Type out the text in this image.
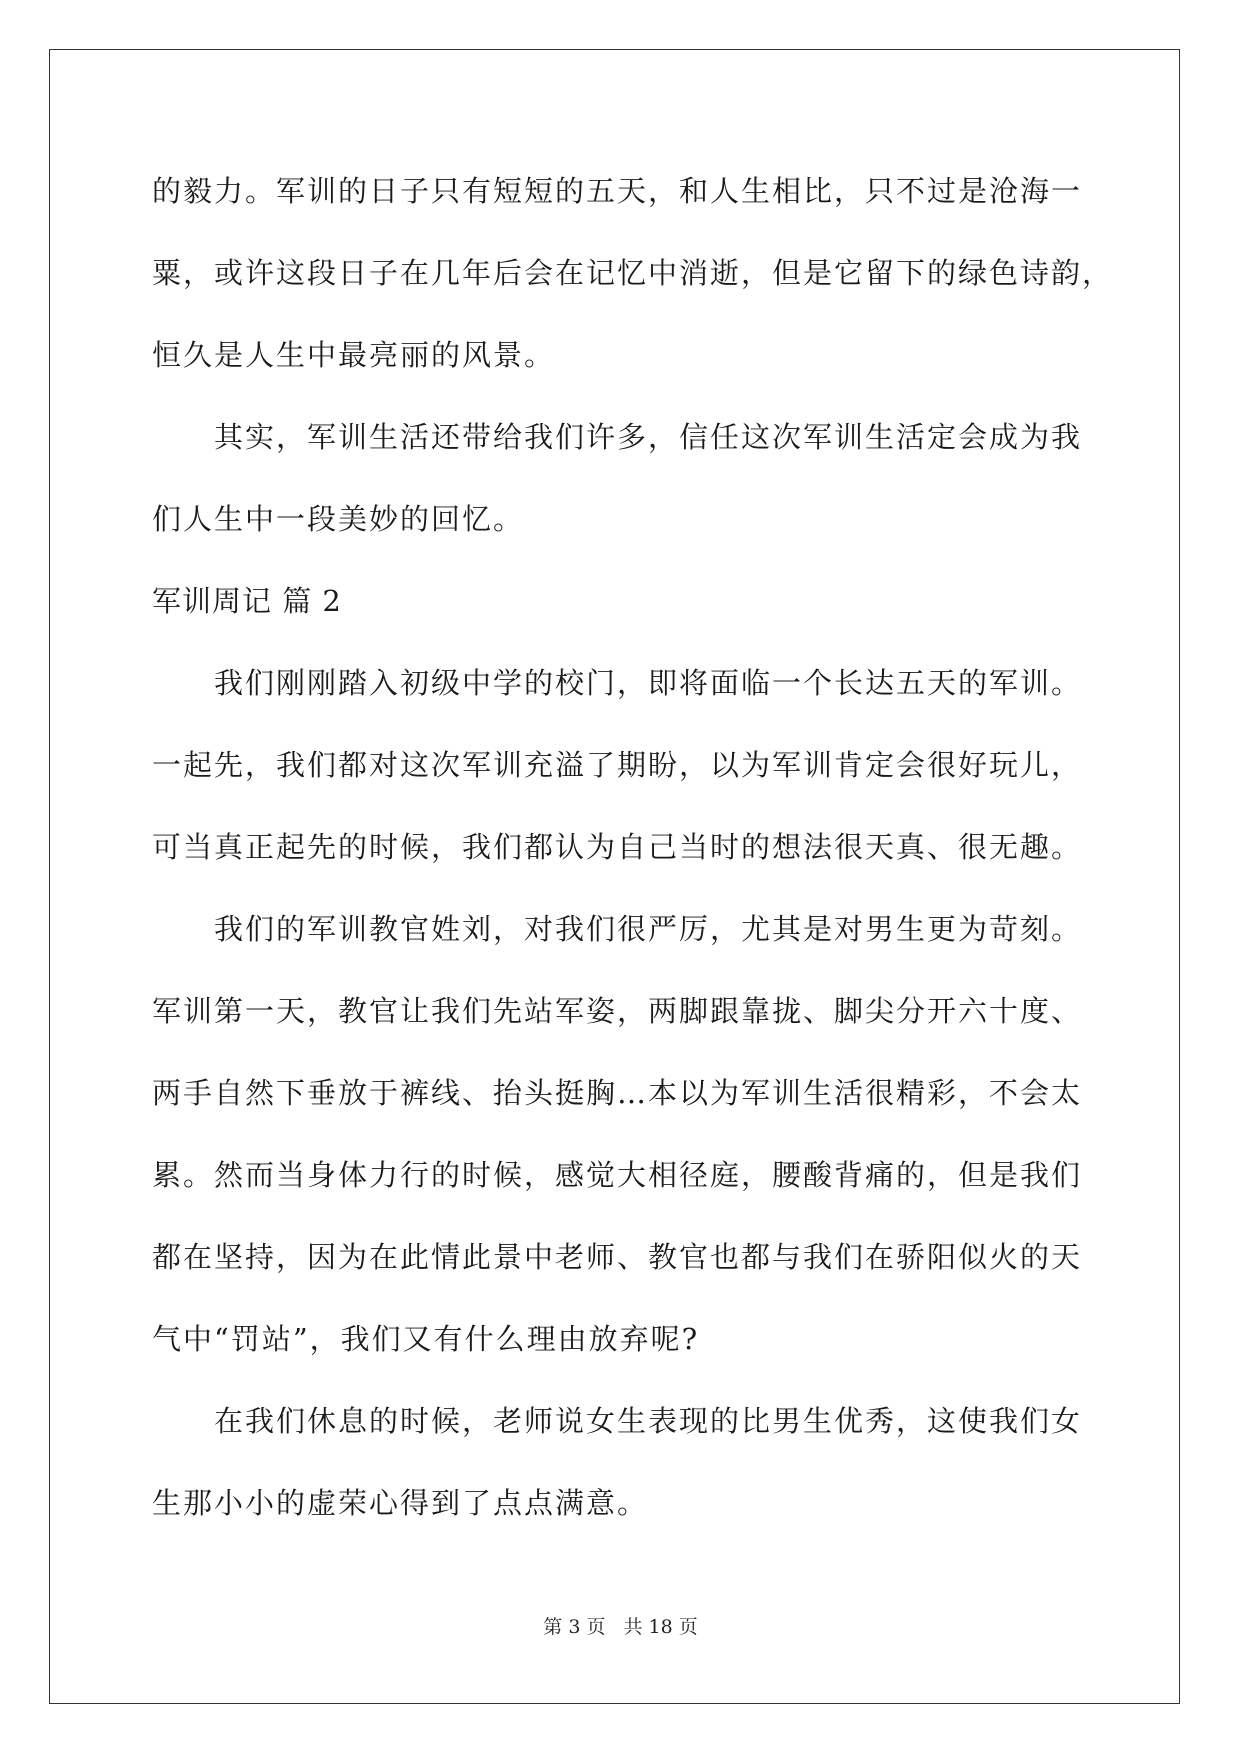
的毅力。军训的日子只有短短的五天，和人生相比，只不过是沧海一
粟，或许这段日子在几年后会在记忆中消逝，但是它留下的绿色诗韵，
恒久是人生中最亮丽的风景。
其实，军训生活还带给我们许多，信任这次军训生活定会成为我
们人生中一段美妙的回忆。
军训周记 篇 2
我们刚刚踏入初级中学的校门，即将面临一个长达五天的军训。
一起先，我们都对这次军训充溢了期盼，以为军训肯定会很好玩儿，
可当真正起先的时候，我们都认为自己当时的想法很天真、很无趣。
我们的军训教官姓刘，对我们很严厉，尤其是对男生更为苛刻。
军训第一天，教官让我们先站军姿，两脚跟靠拢、脚尖分开六十度、
两手自然下垂放于裤线、抬头挺胸…本以为军训生活很精彩，不会太
累。然而当身体力行的时候，感觉大相径庭，腰酸背痛的，但是我们
都在坚持，因为在此情此景中老师、教官也都与我们在骄阳似火的天
气中“罚站”，我们又有什么理由放弃呢?
在我们休息的时候，老师说女生表现的比男生优秀，这使我们女
生那小小的虚荣心得到了点点满意。
第 3 页 共 18 页
